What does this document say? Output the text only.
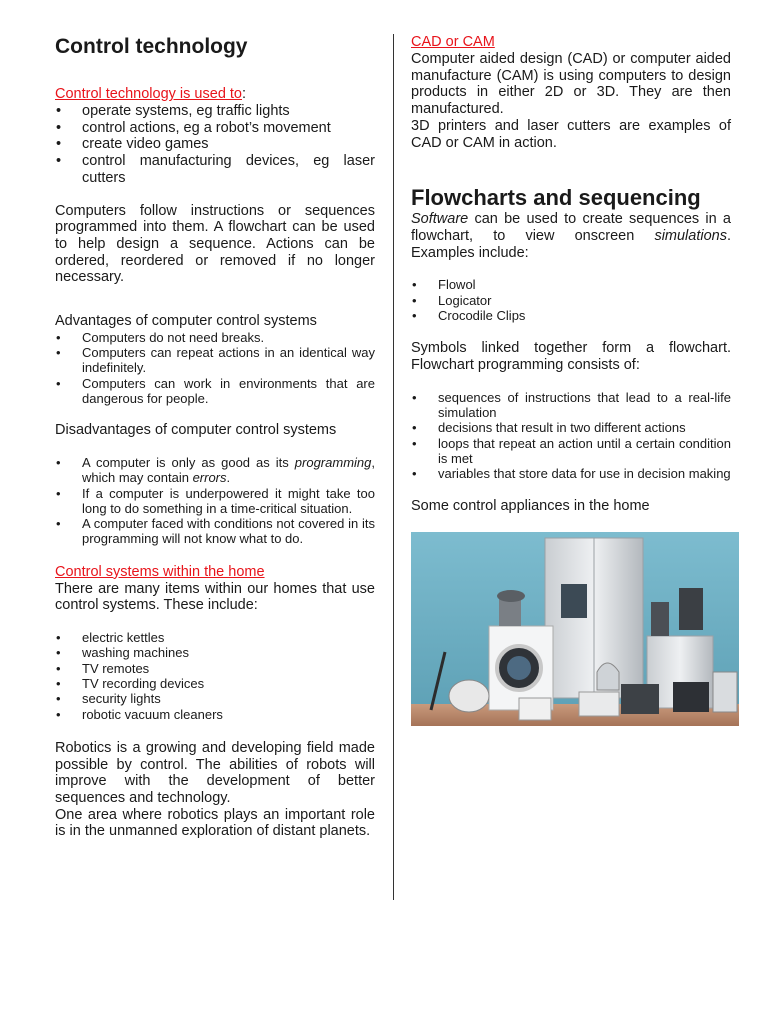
Control technology
Control technology is used to:
• operate systems, eg traffic lights
• control actions, eg a robot’s movement
• create video games
• control manufacturing devices, eg laser cutters

Computers follow instructions or sequences programmed into them. A flowchart can be used to help design a sequence. Actions can be ordered, reordered or removed if no longer necessary.

Advantages of computer control systems

• Computers do not need breaks.
• Computers can repeat actions in an identical way indefinitely.
• Computers can work in environments that are dangerous for people.

Disadvantages of computer control systems

• A computer is only as good as its programming, which may contain errors.
• If a computer is underpowered it might take too long to do something in a time-critical situation.
• A computer faced with conditions not covered in its programming will not know what to do.
Control systems within the home

There are many items within our homes that use control systems. These include:

• electric kettles
• washing machines
• TV remotes
• TV recording devices
• security lights
• robotic vacuum cleaners

Robotics is a growing and developing field made possible by control. The abilities of robots will improve with the development of better sequences and technology.

One area where robotics plays an important role is in the unmanned exploration of distant planets.

CAD or CAM

Computer aided design (CAD) or computer aided manufacture (CAM) is using computers to design products in either 2D or 3D. They are then manufactured.

3D printers and laser cutters are examples of CAD or CAM in action.

Flowcharts and sequencing

Software can be used to create sequences in a flowchart, to view onscreen simulations. Examples include:

• Flowol
• Logicator
• Crocodile Clips

Symbols linked together form a flowchart. Flowchart programming consists of:

• sequences of instructions that lead to a real-life simulation
• decisions that result in two different actions
• loops that repeat an action until a certain condition is met
• variables that store data for use in decision making

Some control appliances in the home
